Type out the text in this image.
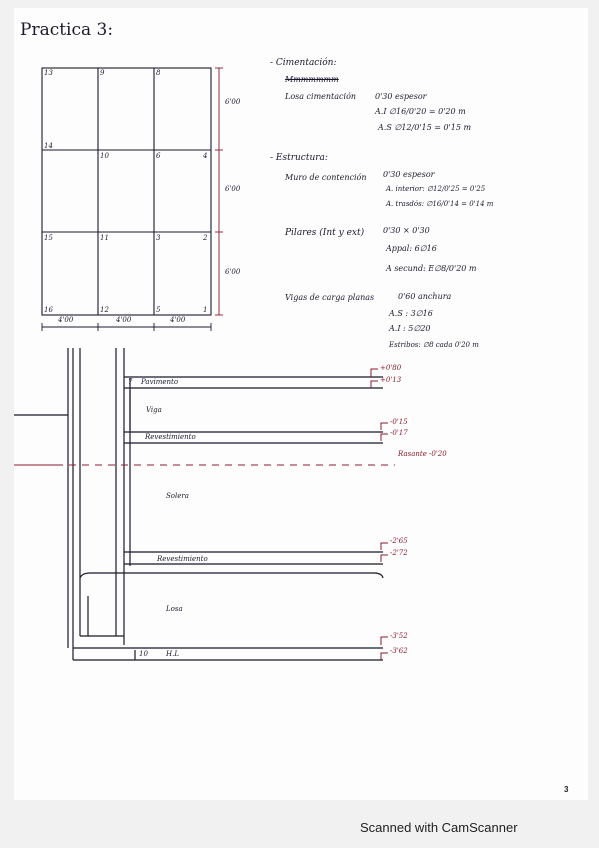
Practica 3:
13	9	8
14
10	6	4
15	11	3	2
16	12	5	1
4'00	4'00	4'00
6'00
6'00
6'00
- Cimentación:
Mmmmmmm
Losa cimentación 0'30 espesor
A.I ∅16/0'20 = 0'20 m
A.S ∅12/0'15 = 0'15 m
- Estructura:
Muro de contención 0'30 espesor
A. interior: ∅12/0'25 = 0'25
A. trasdós: ∅16/0'14 = 0'14 m
Pilares (Int y ext) 0'30 × 0'30
Appal: 6∅16
A secund: E∅8/0'20 m
Vigas de carga planas	0'60 anchura
A.S : 3∅16
A.I : 5∅20
Estribos: ∅8 cada 0'20 m
7 Pavimento
Viga
Revestimiento
Solera
Revestimiento
Losa
10	H.L
+0'80
+0'13
-0'15
-0'17
-2'65
-2'72
-3'52
-3'62
Rasante -0'20
3
Scanned with CamScanner
